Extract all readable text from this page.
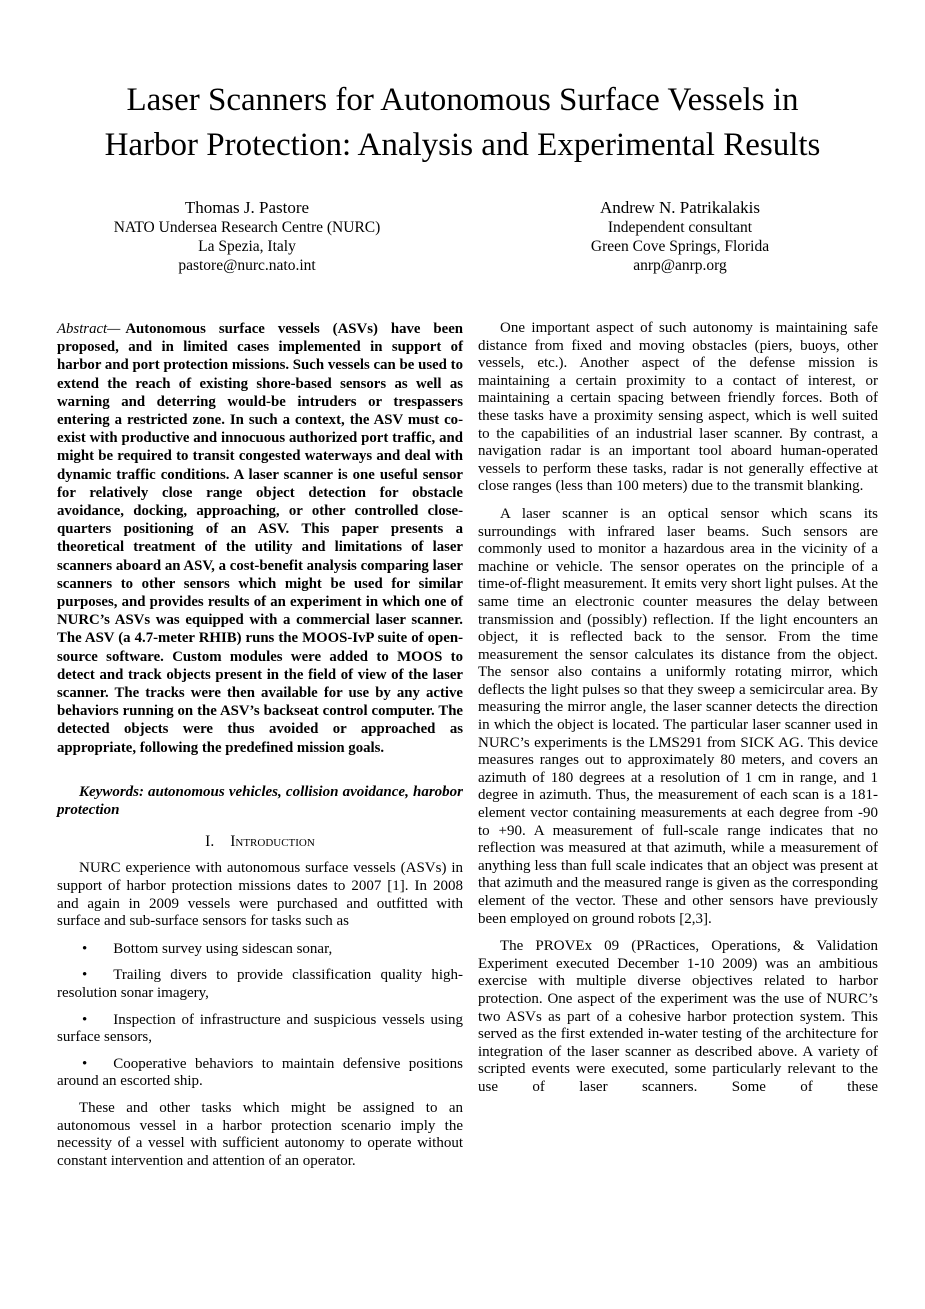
Laser Scanners for Autonomous Surface Vessels in
Harbor Protection: Analysis and Experimental Results
Thomas J. Pastore
NATO Undersea Research Centre (NURC)
La Spezia, Italy
pastore@nurc.nato.int
Andrew N. Patrikalakis
Independent consultant
Green Cove Springs, Florida
anrp@anrp.org

Abstract— Autonomous surface vessels (ASVs) have been proposed, and in limited cases implemented in support of harbor and port protection missions. Such vessels can be used to extend the reach of existing shore-based sensors as well as warning and deterring would-be intruders or trespassers entering a restricted zone. In such a context, the ASV must co-exist with productive and innocuous authorized port traffic, and might be required to transit congested waterways and deal with dynamic traffic conditions. A laser scanner is one useful sensor for relatively close range object detection for obstacle avoidance, docking, approaching, or other controlled close-quarters positioning of an ASV. This paper presents a theoretical treatment of the utility and limitations of laser scanners aboard an ASV, a cost-benefit analysis comparing laser scanners to other sensors which might be used for similar purposes, and provides results of an experiment in which one of NURC’s ASVs was equipped with a commercial laser scanner. The ASV (a 4.7-meter RHIB) runs the MOOS-IvP suite of open-source software. Custom modules were added to MOOS to detect and track objects present in the field of view of the laser scanner. The tracks were then available for use by any active behaviors running on the ASV’s backseat control computer. The detected objects were thus avoided or approached as appropriate, following the predefined mission goals.

Keywords: autonomous vehicles, collision avoidance, harobor protection

I. Introduction

NURC experience with autonomous surface vessels (ASVs) in support of harbor protection missions dates to 2007 [1]. In 2008 and again in 2009 vessels were purchased and outfitted with surface and sub-surface sensors for tasks such as

• Bottom survey using sidescan sonar,

• Trailing divers to provide classification quality high-resolution sonar imagery,

• Inspection of infrastructure and suspicious vessels using surface sensors,

• Cooperative behaviors to maintain defensive positions around an escorted ship.

These and other tasks which might be assigned to an autonomous vessel in a harbor protection scenario imply the necessity of a vessel with sufficient autonomy to operate without constant intervention and attention of an operator.

One important aspect of such autonomy is maintaining safe distance from fixed and moving obstacles (piers, buoys, other vessels, etc.). Another aspect of the defense mission is maintaining a certain proximity to a contact of interest, or maintaining a certain spacing between friendly forces. Both of these tasks have a proximity sensing aspect, which is well suited to the capabilities of an industrial laser scanner. By contrast, a navigation radar is an important tool aboard human-operated vessels to perform these tasks, radar is not generally effective at close ranges (less than 100 meters) due to the transmit blanking.

A laser scanner is an optical sensor which scans its surroundings with infrared laser beams. Such sensors are commonly used to monitor a hazardous area in the vicinity of a machine or vehicle. The sensor operates on the principle of a time-of-flight measurement. It emits very short light pulses. At the same time an electronic counter measures the delay between transmission and (possibly) reflection. If the light encounters an object, it is reflected back to the sensor. From the time measurement the sensor calculates its distance from the object. The sensor also contains a uniformly rotating mirror, which deflects the light pulses so that they sweep a semicircular area. By measuring the mirror angle, the laser scanner detects the direction in which the object is located. The particular laser scanner used in NURC’s experiments is the LMS291 from SICK AG. This device measures ranges out to approximately 80 meters, and covers an azimuth of 180 degrees at a resolution of 1 cm in range, and 1 degree in azimuth. Thus, the measurement of each scan is a 181-element vector containing measurements at each degree from -90 to +90. A measurement of full-scale range indicates that no reflection was measured at that azimuth, while a measurement of anything less than full scale indicates that an object was present at that azimuth and the measured range is given as the corresponding element of the vector. These and other sensors have previously been employed on ground robots [2,3].

The PROVEx 09 (PRactices, Operations, & Validation Experiment executed December 1-10 2009) was an ambitious exercise with multiple diverse objectives related to harbor protection. One aspect of the experiment was the use of NURC’s two ASVs as part of a cohesive harbor protection system. This served as the first extended in-water testing of the architecture for integration of the laser scanner as described above. A variety of scripted events were executed, some particularly relevant to the use of laser scanners. Some of these
